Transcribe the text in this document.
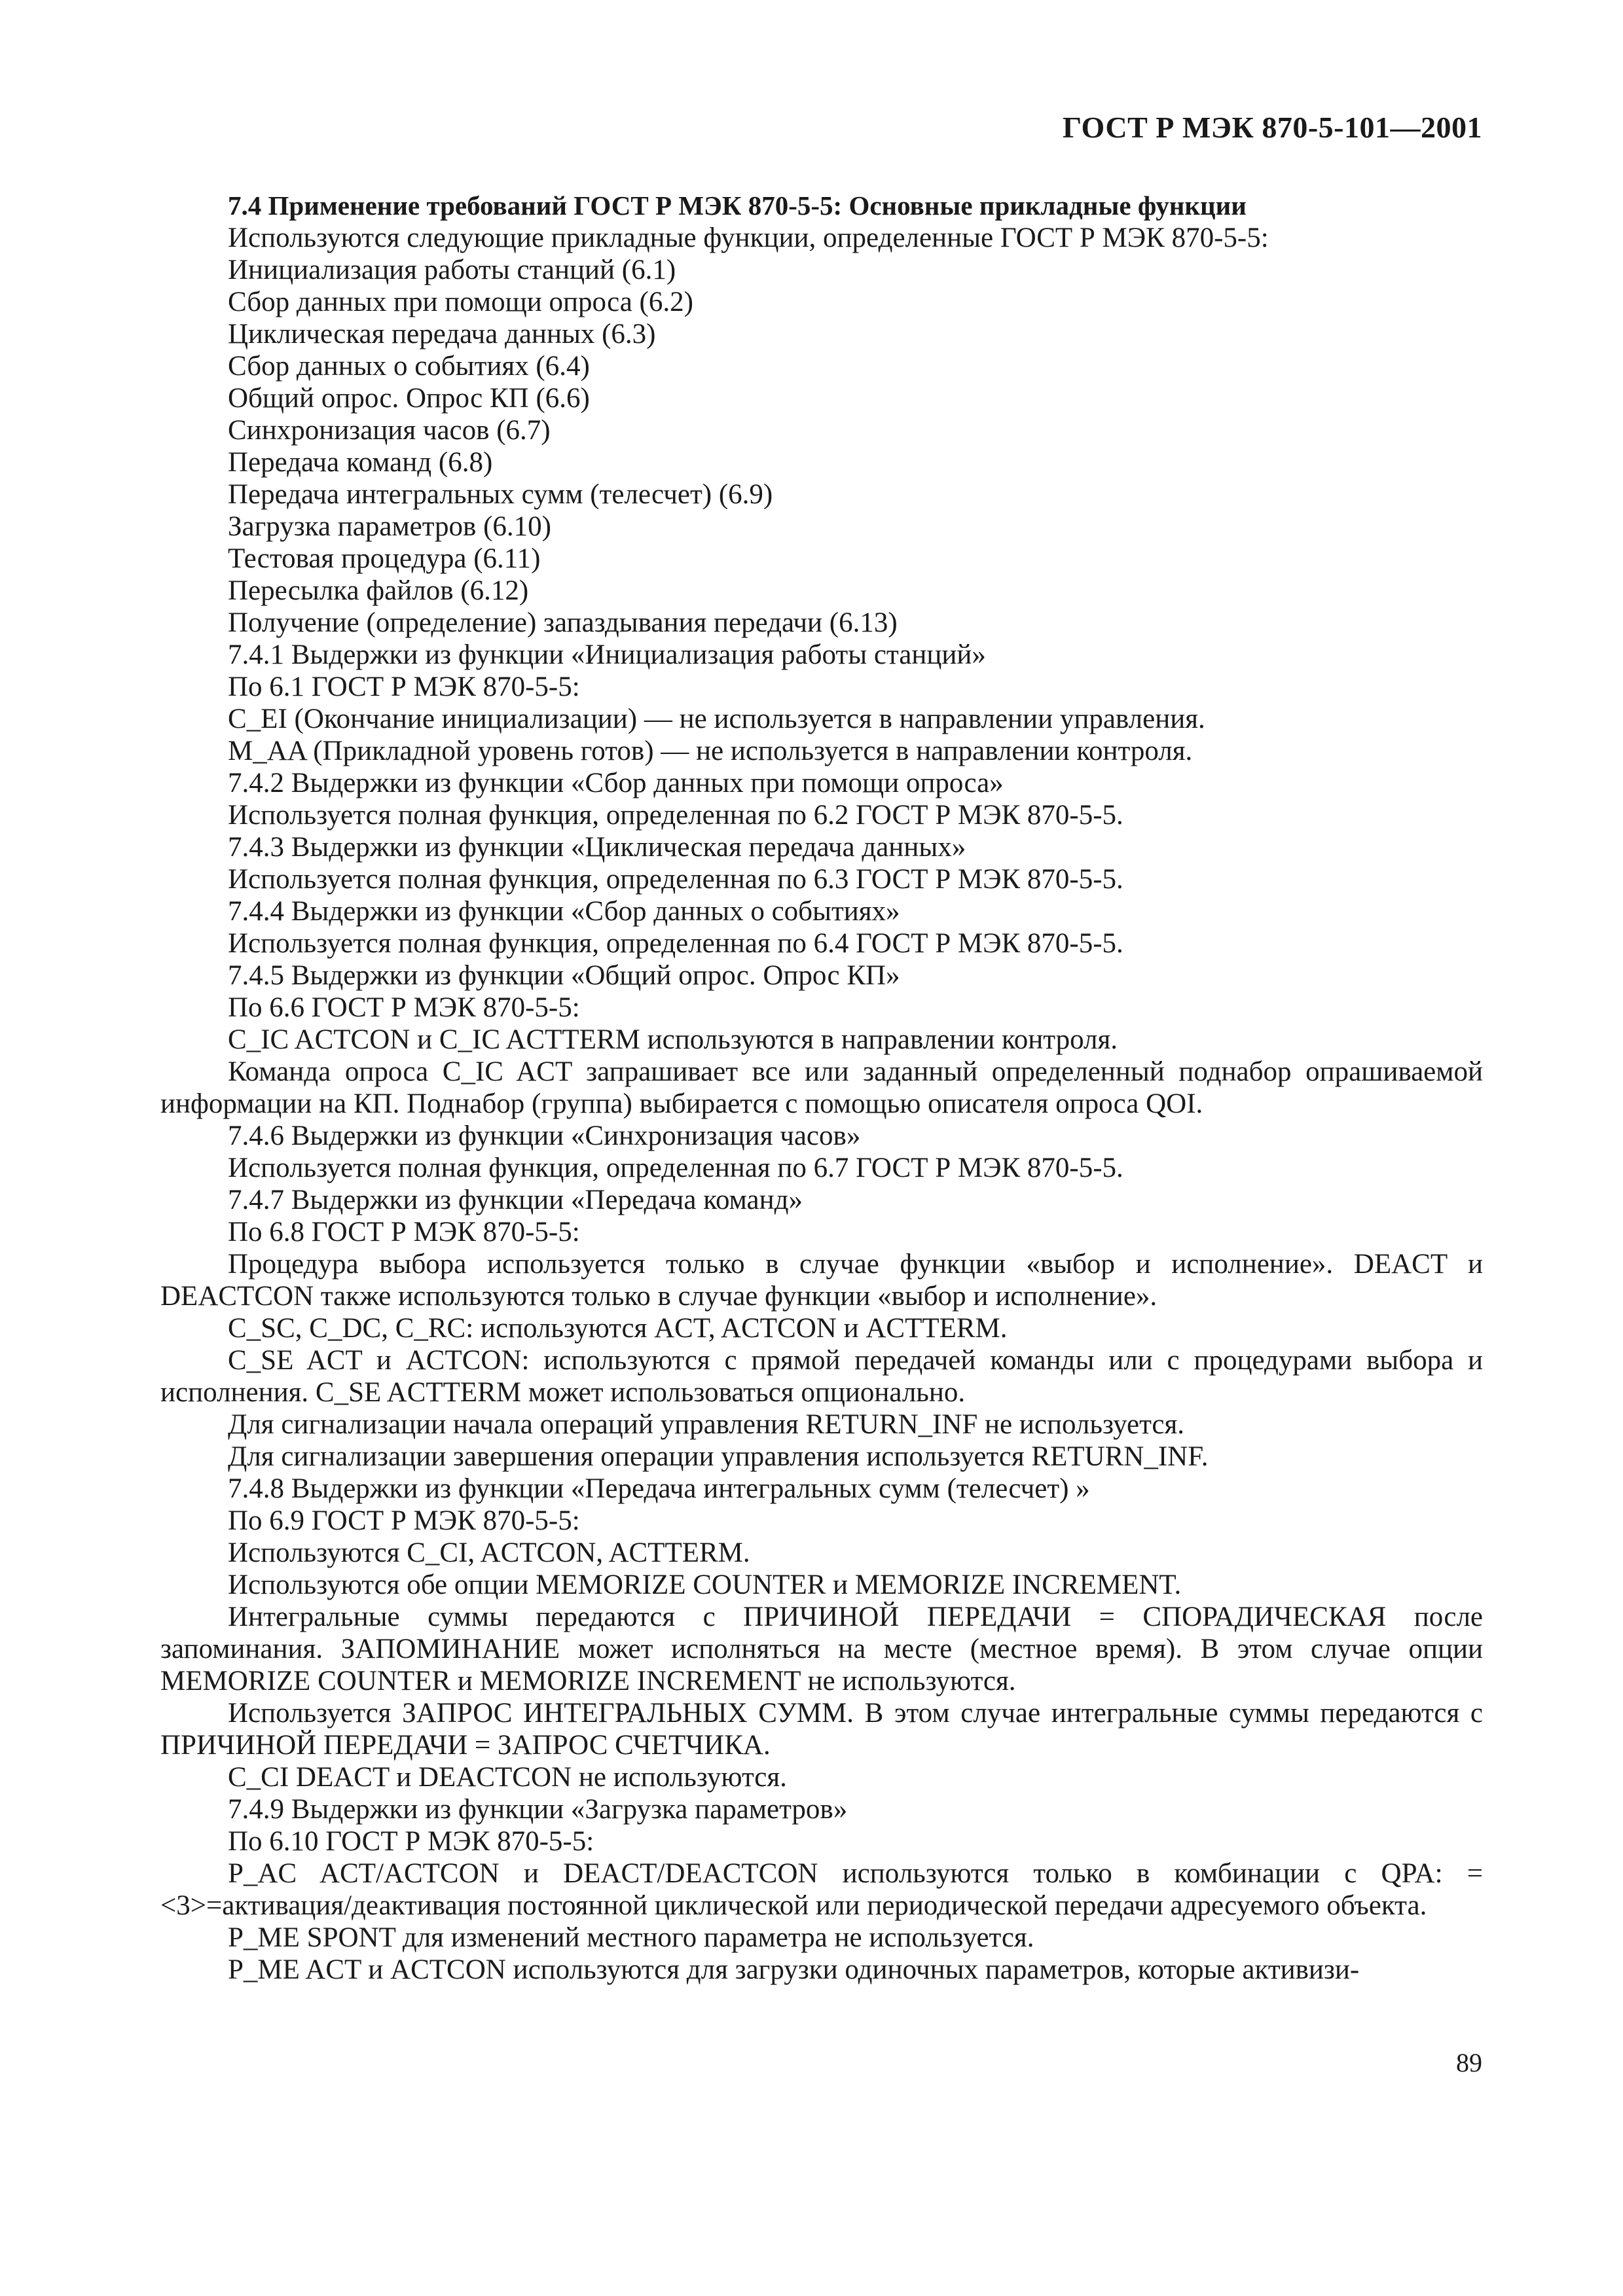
ГОСТ Р МЭК 870-5-101—2001

7.4 Применение требований ГОСТ Р МЭК 870-5-5: Основные прикладные функции

Используются следующие прикладные функции, определенные ГОСТ Р МЭК 870-5-5:

Инициализация работы станций (6.1)

Сбор данных при помощи опроса (6.2)

Циклическая передача данных (6.3)

Сбор данных о событиях (6.4)

Общий опрос. Опрос КП (6.6)

Синхронизация часов (6.7)

Передача команд (6.8)

Передача интегральных сумм (телесчет) (6.9)

Загрузка параметров (6.10)

Тестовая процедура (6.11)

Пересылка файлов (6.12)

Получение (определение) запаздывания передачи (6.13)

7.4.1 Выдержки из функции «Инициализация работы станций»

По 6.1 ГОСТ Р МЭК 870-5-5:

C_EI (Окончание инициализации) — не используется в направлении управления.

M_AA (Прикладной уровень готов) — не используется в направлении контроля.

7.4.2 Выдержки из функции «Сбор данных при помощи опроса»

Используется полная функция, определенная по 6.2 ГОСТ Р МЭК 870-5-5.

7.4.3 Выдержки из функции «Циклическая передача данных»

Используется полная функция, определенная по 6.3 ГОСТ Р МЭК 870-5-5.

7.4.4 Выдержки из функции «Сбор данных о событиях»

Используется полная функция, определенная по 6.4 ГОСТ Р МЭК 870-5-5.

7.4.5 Выдержки из функции «Общий опрос. Опрос КП»

По 6.6 ГОСТ Р МЭК 870-5-5:

C_IC ACTCON и C_IC ACTTERM используются в направлении контроля.

Команда опроса C_IC ACT запрашивает все или заданный определенный поднабор опрашиваемой информации на КП. Поднабор (группа) выбирается с помощью описателя опроса QOI.

7.4.6 Выдержки из функции «Синхронизация часов»

Используется полная функция, определенная по 6.7 ГОСТ Р МЭК 870-5-5.

7.4.7 Выдержки из функции «Передача команд»

По 6.8 ГОСТ Р МЭК 870-5-5:

Процедура выбора используется только в случае функции «выбор и исполнение». DEACT и DEACTCON также используются только в случае функции «выбор и исполнение».

C_SC, C_DC, C_RC: используются ACT, ACTCON и ACTTERM.

C_SE ACT и ACTCON: используются с прямой передачей команды или с процедурами выбора и исполнения. C_SE ACTTERM может использоваться опционально.

Для сигнализации начала операций управления RETURN_INF не используется.

Для сигнализации завершения операции управления используется RETURN_INF.

7.4.8 Выдержки из функции «Передача интегральных сумм (телесчет) »

По 6.9 ГОСТ Р МЭК 870-5-5:

Используются C_CI, ACTCON, ACTTERM.

Используются обе опции MEMORIZE COUNTER и MEMORIZE INCREMENT.

Интегральные суммы передаются с ПРИЧИНОЙ ПЕРЕДАЧИ = СПОРАДИЧЕСКАЯ после запоминания. ЗАПОМИНАНИЕ может исполняться на месте (местное время). В этом случае опции MEMORIZE COUNTER и MEMORIZE INCREMENT не используются.

Используется ЗАПРОС ИНТЕГРАЛЬНЫХ СУММ. В этом случае интегральные суммы передаются с ПРИЧИНОЙ ПЕРЕДАЧИ = ЗАПРОС СЧЕТЧИКА.

C_CI DEACT и DEACTCON не используются.

7.4.9 Выдержки из функции «Загрузка параметров»

По 6.10 ГОСТ Р МЭК 870-5-5:

P_AC ACT/ACTCON и DEACT/DEACTCON используются только в комбинации с QPA: = <3>=активация/деактивация постоянной циклической или периодической передачи адресуемого объекта.

P_ME SPONT для изменений местного параметра не используется.

P_ME ACT и ACTCON используются для загрузки одиночных параметров, которые активизи-

89
